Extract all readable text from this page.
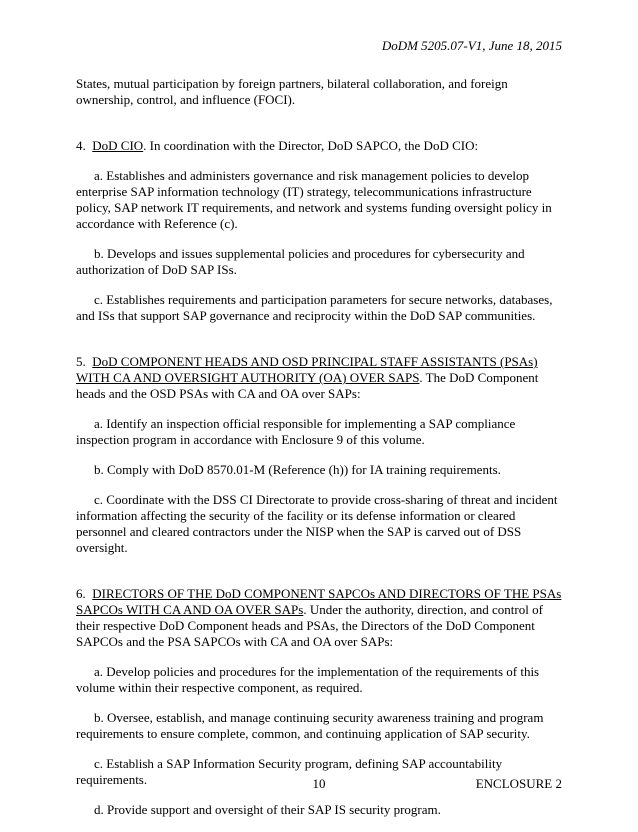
DoDM 5205.07-V1, June 18, 2015

States, mutual participation by foreign partners, bilateral collaboration, and foreign ownership, control, and influence (FOCI).

4. DoD CIO. In coordination with the Director, DoD SAPCO, the DoD CIO:

a. Establishes and administers governance and risk management policies to develop enterprise SAP information technology (IT) strategy, telecommunications infrastructure policy, SAP network IT requirements, and network and systems funding oversight policy in accordance with Reference (c).

b. Develops and issues supplemental policies and procedures for cybersecurity and authorization of DoD SAP ISs.

c. Establishes requirements and participation parameters for secure networks, databases, and ISs that support SAP governance and reciprocity within the DoD SAP communities.

5. DoD COMPONENT HEADS AND OSD PRINCIPAL STAFF ASSISTANTS (PSAs) WITH CA AND OVERSIGHT AUTHORITY (OA) OVER SAPS. The DoD Component heads and the OSD PSAs with CA and OA over SAPs:

a. Identify an inspection official responsible for implementing a SAP compliance inspection program in accordance with Enclosure 9 of this volume.

b. Comply with DoD 8570.01-M (Reference (h)) for IA training requirements.

c. Coordinate with the DSS CI Directorate to provide cross-sharing of threat and incident information affecting the security of the facility or its defense information or cleared personnel and cleared contractors under the NISP when the SAP is carved out of DSS oversight.

6. DIRECTORS OF THE DoD COMPONENT SAPCOs AND DIRECTORS OF THE PSAs SAPCOs WITH CA AND OA OVER SAPs. Under the authority, direction, and control of their respective DoD Component heads and PSAs, the Directors of the DoD Component SAPCOs and the PSA SAPCOs with CA and OA over SAPs:

a. Develop policies and procedures for the implementation of the requirements of this volume within their respective component, as required.

b. Oversee, establish, and manage continuing security awareness training and program requirements to ensure complete, common, and continuing application of SAP security.

c. Establish a SAP Information Security program, defining SAP accountability requirements.

d. Provide support and oversight of their SAP IS security program.

10	ENCLOSURE 2
